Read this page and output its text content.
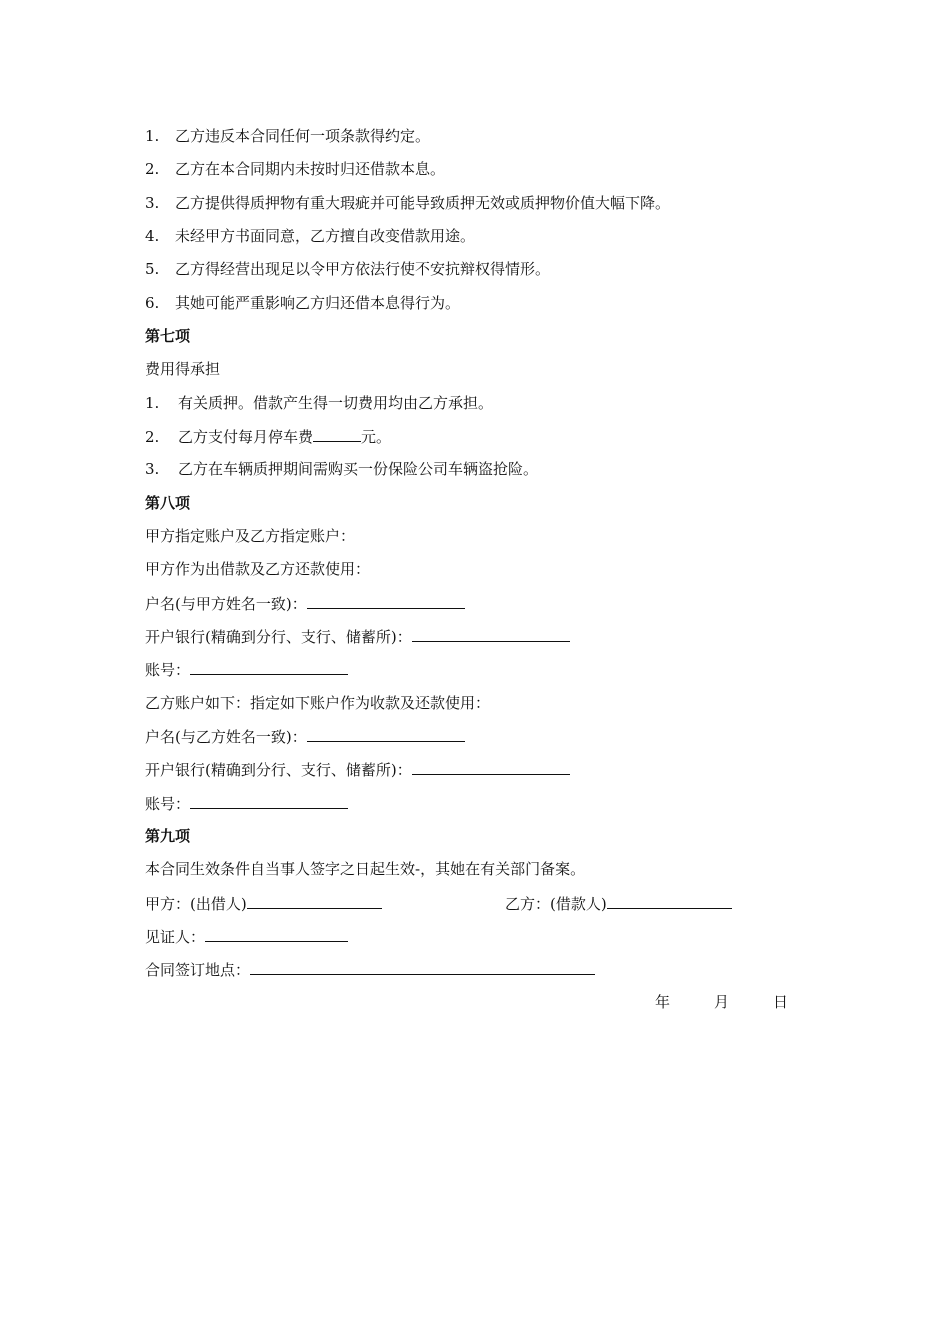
1. 乙方违反本合同任何一项条款得约定。
2. 乙方在本合同期内未按时归还借款本息。
3. 乙方提供得质押物有重大瑕疵并可能导致质押无效或质押物价值大幅下降。
4. 未经甲方书面同意，乙方擅自改变借款用途。
5. 乙方得经营出现足以令甲方依法行使不安抗辩权得情形。
6. 其她可能严重影响乙方归还借本息得行为。
第七项
费用得承担
1. 有关质押。借款产生得一切费用均由乙方承担。
2. 乙方支付每月停车费	元。
3. 乙方在车辆质押期间需购买一份保险公司车辆盗抢险。
第八项
甲方指定账户及乙方指定账户：
甲方作为出借款及乙方还款使用：
户名(与甲方姓名一致)：
开户银行(精确到分行、支行、储蓄所)：
账号：
乙方账户如下：指定如下账户作为收款及还款使用：
户名(与乙方姓名一致)：
开户银行(精确到分行、支行、储蓄所)：
账号：
第九项
本合同生效条件自当事人签字之日起生效-，其她在有关部门备案。
甲方：(出借人)	乙方：(借款人)
见证人：
合同签订地点：
年	月	日
